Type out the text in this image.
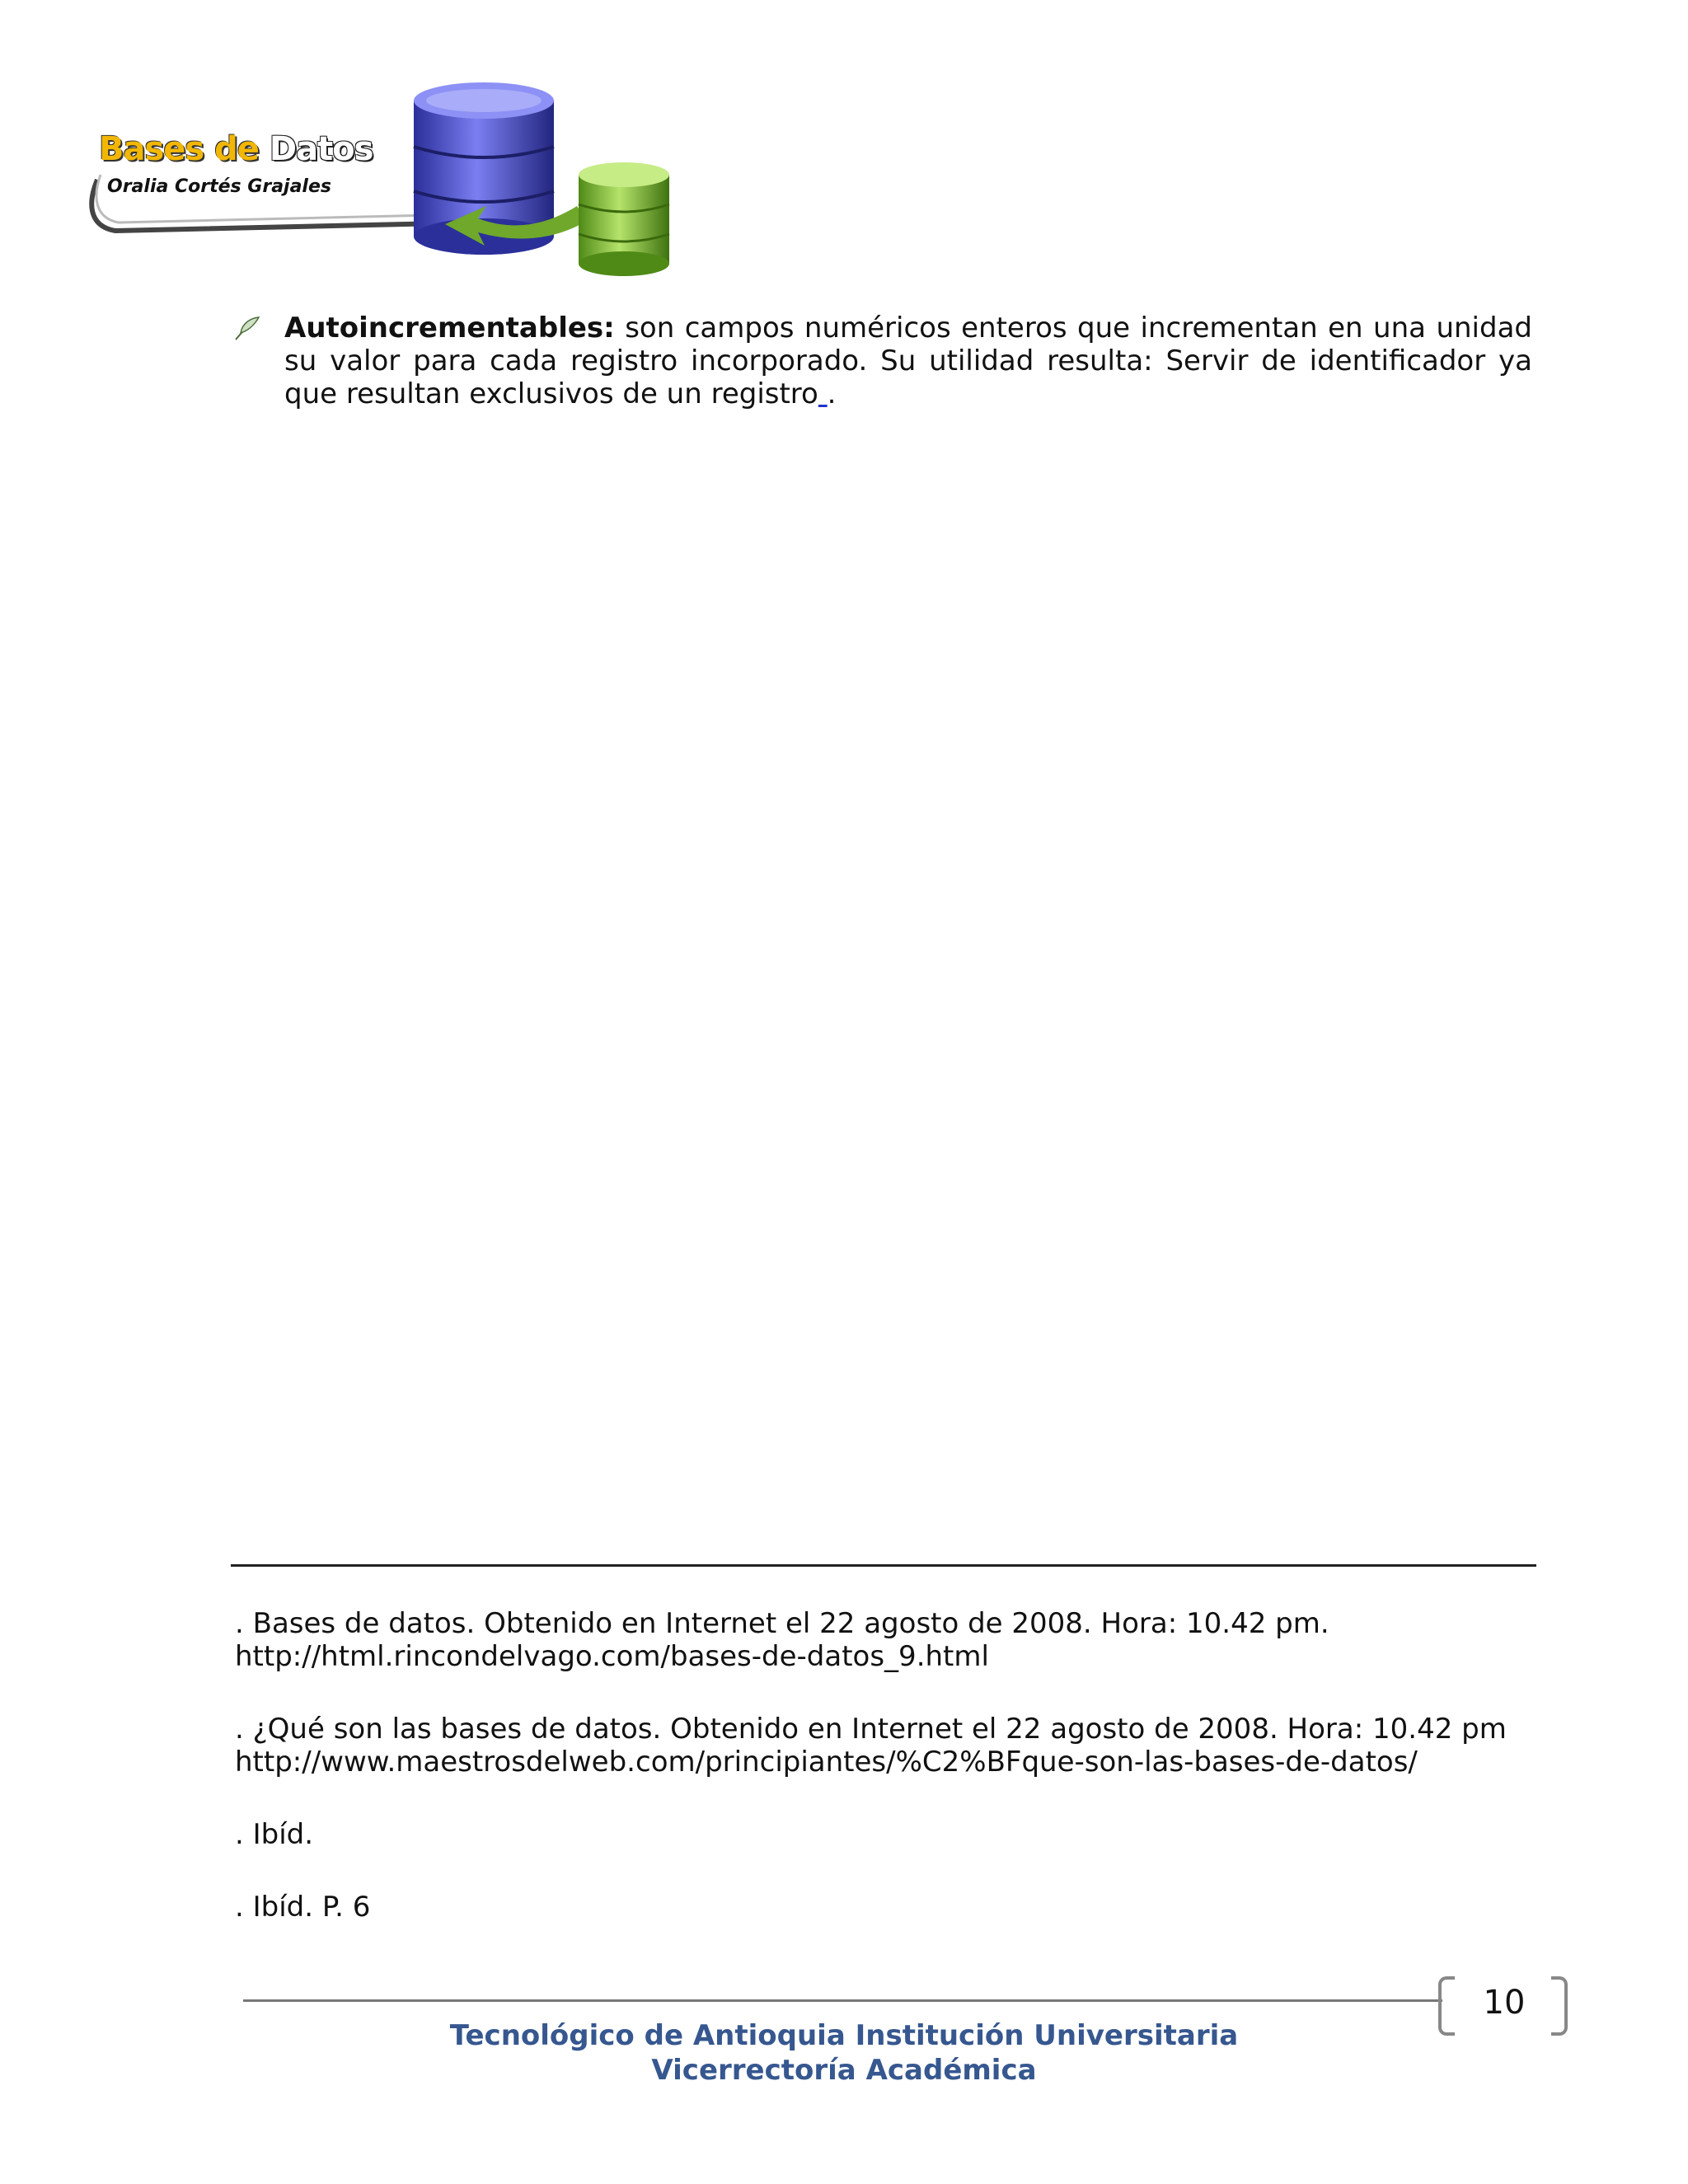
Bases de Datos
Oralia Cortés Grajales
Autoincrementables: son campos numéricos enteros que incrementan en una unidad su valor para cada registro incorporado. Su utilidad resulta: Servir de identificador ya que resultan exclusivos de un registro .
. Bases de datos. Obtenido en Internet el 22 agosto de 2008. Hora: 10.42 pm.
http://html.rincondelvago.com/bases-de-datos_9.html
. ¿Qué son las bases de datos. Obtenido en Internet el 22 agosto de 2008. Hora: 10.42 pm
http://www.maestrosdelweb.com/principiantes/%C2%BFque-son-las-bases-de-datos/
. Ibíd.
. Ibíd. P. 6
10
Tecnológico de Antioquia Institución Universitaria
Vicerrectoría Académica
